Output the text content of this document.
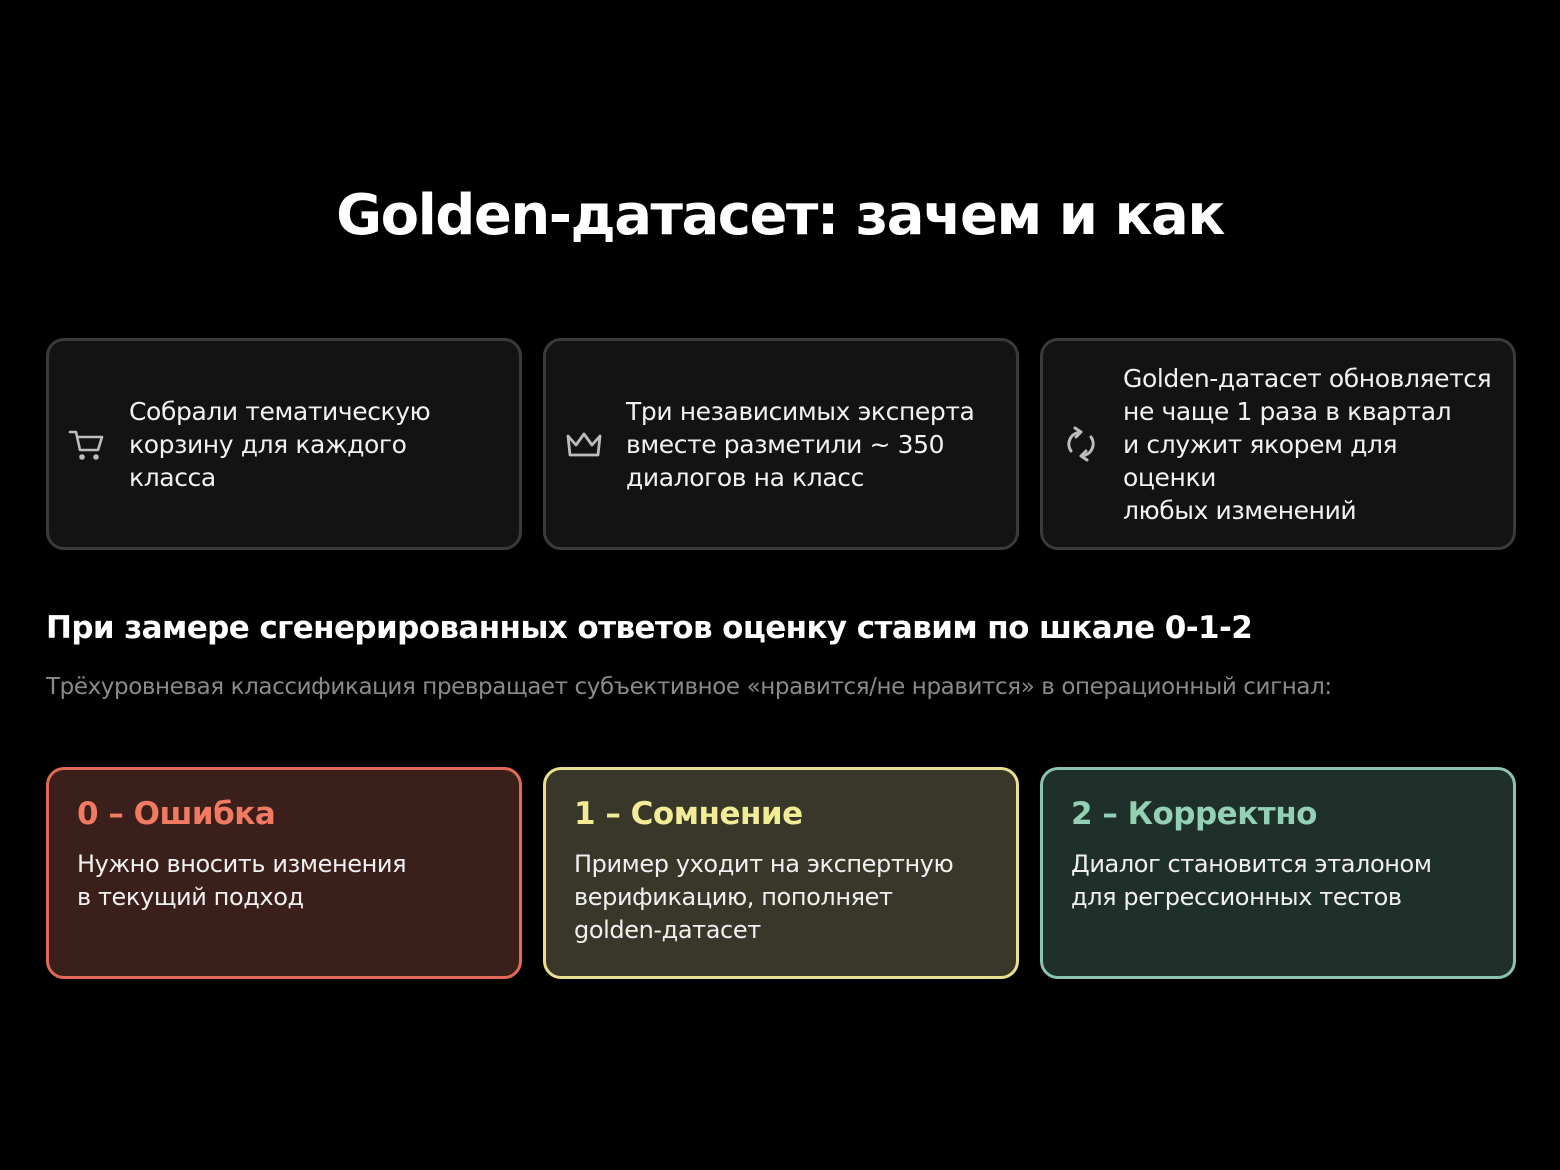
Golden-датасет: зачем и как
Собрали тематическую
корзину для каждого класса
Три независимых эксперта
вместе разметили ~ 350
диалогов на класс
Golden-датасет обновляется
не чаще 1 раза в квартал
и служит якорем для оценки
любых изменений
При замере сгенерированных ответов оценку ставим по шкале 0-1-2
Трёхуровневая классификация превращает субъективное «нравится/не нравится» в операционный сигнал:
0 – Ошибка
Нужно вносить изменения
в текущий подход
1 – Сомнение
Пример уходит на экспертную
верификацию, пополняет
golden-датасет
2 – Корректно
Диалог становится эталоном
для регрессионных тестов
